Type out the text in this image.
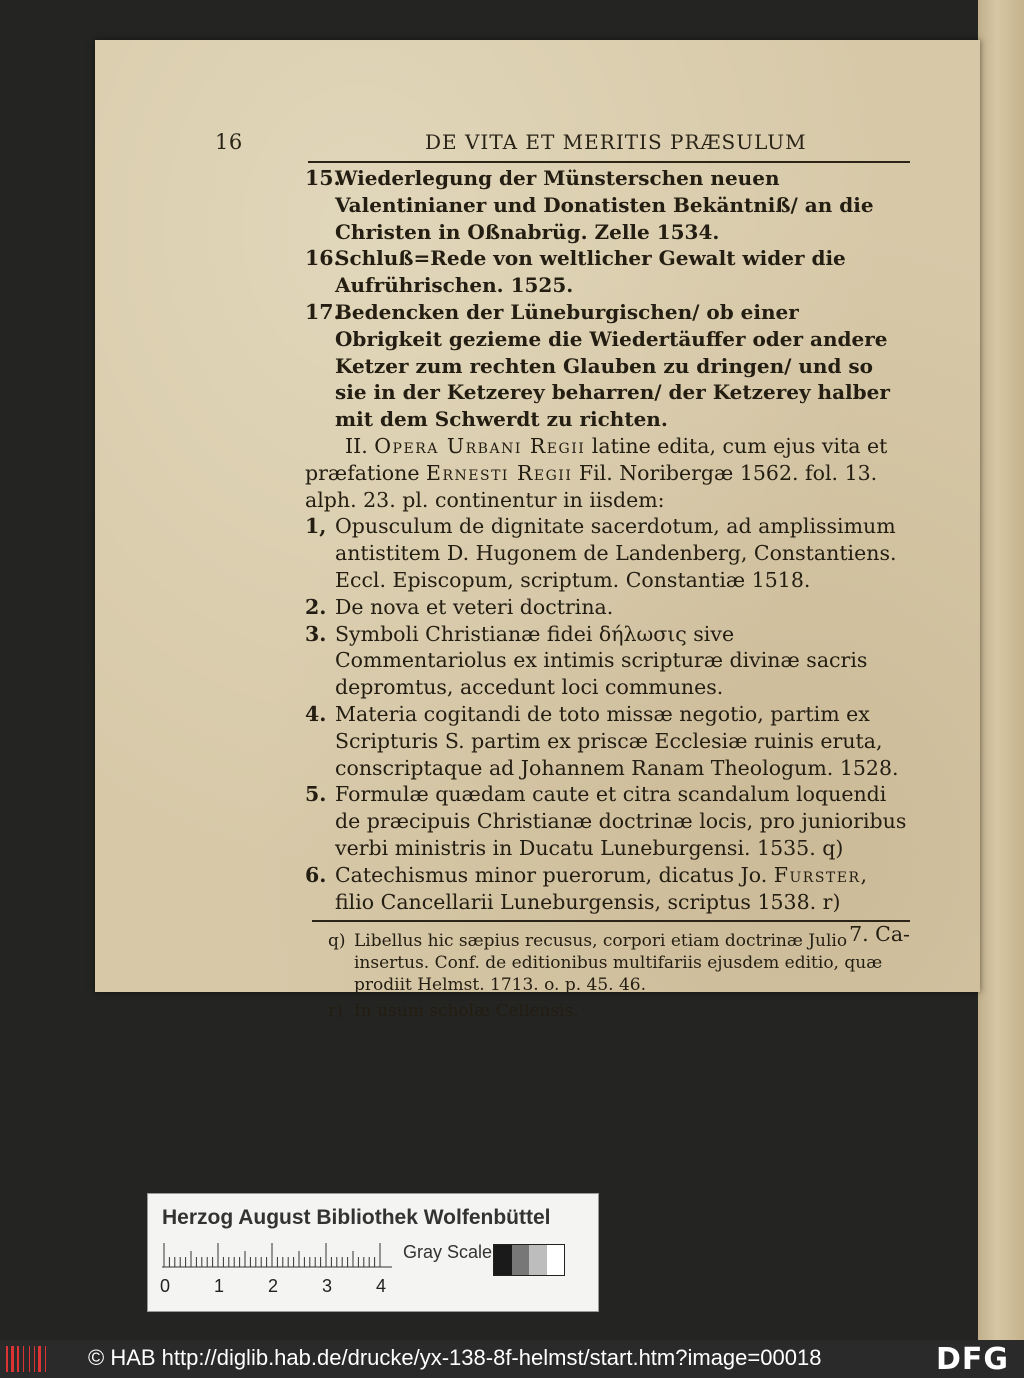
16	DE VITA ET MERITIS PRÆSULUM

15.
Wiederlegung der Münsterschen neuen Valentinianer und Donatisten Bekäntniß/ an die Christen in Oßnabrüg. Zelle 1534.

16.
Schluß=Rede von weltlicher Gewalt wider die Aufrührischen. 1525.

17.
Bedencken der Lüneburgischen/ ob einer Obrigkeit gezieme die Wiedertäuffer oder andere Ketzer zum rechten Glauben zu dringen/ und so sie in der Ketzerey beharren/ der Ketzerey halber mit dem Schwerdt zu richten.

II. Opera Urbani Regii latine edita, cum ejus vita et præfatione Ernesti Regii Fil. Noribergæ 1562. fol. 13. alph. 23. pl. continentur in iisdem:

1, Opusculum de dignitate sacerdotum, ad amplissimum antistitem D. Hugonem de Landenberg, Constantiens. Eccl. Episcopum, scriptum. Constantiæ 1518.

2. De nova et veteri doctrina.

3. Symboli Christianæ fidei δήλωσις sive Commentariolus ex intimis scripturæ divinæ sacris depromtus, accedunt loci communes.

4. Materia cogitandi de toto missæ negotio, partim ex Scripturis S. partim ex priscæ Ecclesiæ ruinis eruta, conscriptaque ad Johannem Ranam Theologum. 1528.

5. Formulæ quædam caute et citra scandalum loquendi de præcipuis Christianæ doctrinæ locis, pro junioribus verbi ministris in Ducatu Luneburgensi. 1535. q)

6. Catechismus minor puerorum, dicatus Jo. Furster, filio Cancellarii Luneburgensis, scriptus 1538. r)

7. Ca-

q) Libellus hic sæpius recusus, corpori etiam doctrinæ Julio insertus. Conf. de editionibus multifariis ejusdem editio, quæ prodiit Helmst. 1713. o. p. 45. 46.

r) In usum scholæ Cellensis.

Herzog August Bibliothek Wolfenbüttel
0 1 2 3 4
Gray Scale
© HAB http://diglib.hab.de/drucke/yx-138-8f-helmst/start.htm?image=00018	DFG
